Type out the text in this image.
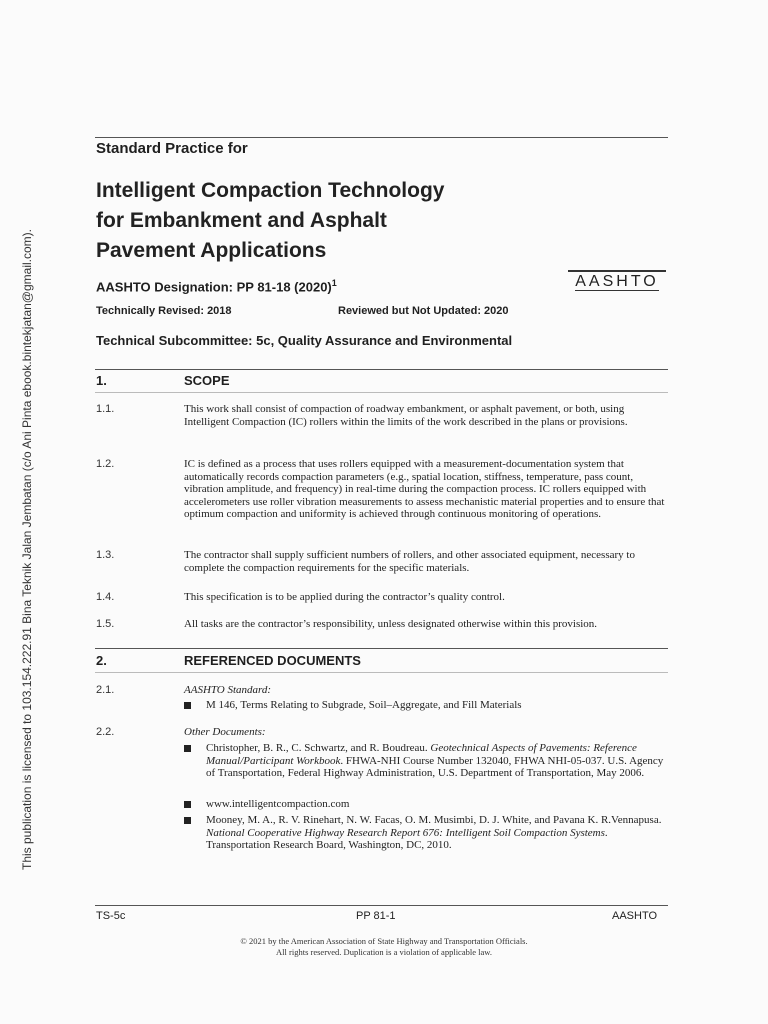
This publication is licensed to 103.154.222.91 Bina Teknik Jalan Jembatan (c/o Ani Pinta ebook.bintekjatan@gmail.com).
Standard Practice for
Intelligent Compaction Technology
for Embankment and Asphalt
Pavement Applications
AASHTO Designation: PP 81-18 $(2020)^1$	AASHTO
Technically Revised: 2018	Reviewed but Not Updated: 2020
Technical Subcommittee: 5c, Quality Assurance and Environmental
1.	SCOPE
1.1.	This work shall consist of compaction of roadway embankment, or asphalt pavement, or both, using Intelligent Compaction (IC) rollers within the limits of the work described in the plans or provisions.
1.2.	IC is defined as a process that uses rollers equipped with a measurement-documentation system that automatically records compaction parameters (e.g., spatial location, stiffness, temperature, pass count, vibration amplitude, and frequency) in real-time during the compaction process. IC rollers equipped with accelerometers use roller vibration measurements to assess mechanistic material properties and to ensure that optimum compaction and uniformity is achieved through continuous monitoring of operations.
1.3.	The contractor shall supply sufficient numbers of rollers, and other associated equipment, necessary to complete the compaction requirements for the specific materials.
1.4.	This specification is to be applied during the contractor’s quality control.
1.5.	All tasks are the contractor’s responsibility, unless designated otherwise within this provision.
2.	REFERENCED DOCUMENTS
2.1.	AASHTO Standard:
M 146, Terms Relating to Subgrade, Soil–Aggregate, and Fill Materials
2.2.	Other Documents:
Christopher, B. R., C. Schwartz, and R. Boudreau. Geotechnical Aspects of Pavements: Reference Manual/Participant Workbook. FHWA-NHI Course Number 132040, FHWA NHI-05-037. U.S. Agency of Transportation, Federal Highway Administration, U.S. Department of Transportation, May 2006.
www.intelligentcompaction.com
Mooney, M. A., R. V. Rinehart, N. W. Facas, O. M. Musimbi, D. J. White, and Pavana K. R.Vennapusa. National Cooperative Highway Research Report 676: Intelligent Soil Compaction Systems. Transportation Research Board, Washington, DC, 2010.
TS-5c	PP 81-1	AASHTO
© 2021 by the American Association of State Highway and Transportation Officials.
All rights reserved. Duplication is a violation of applicable law.
